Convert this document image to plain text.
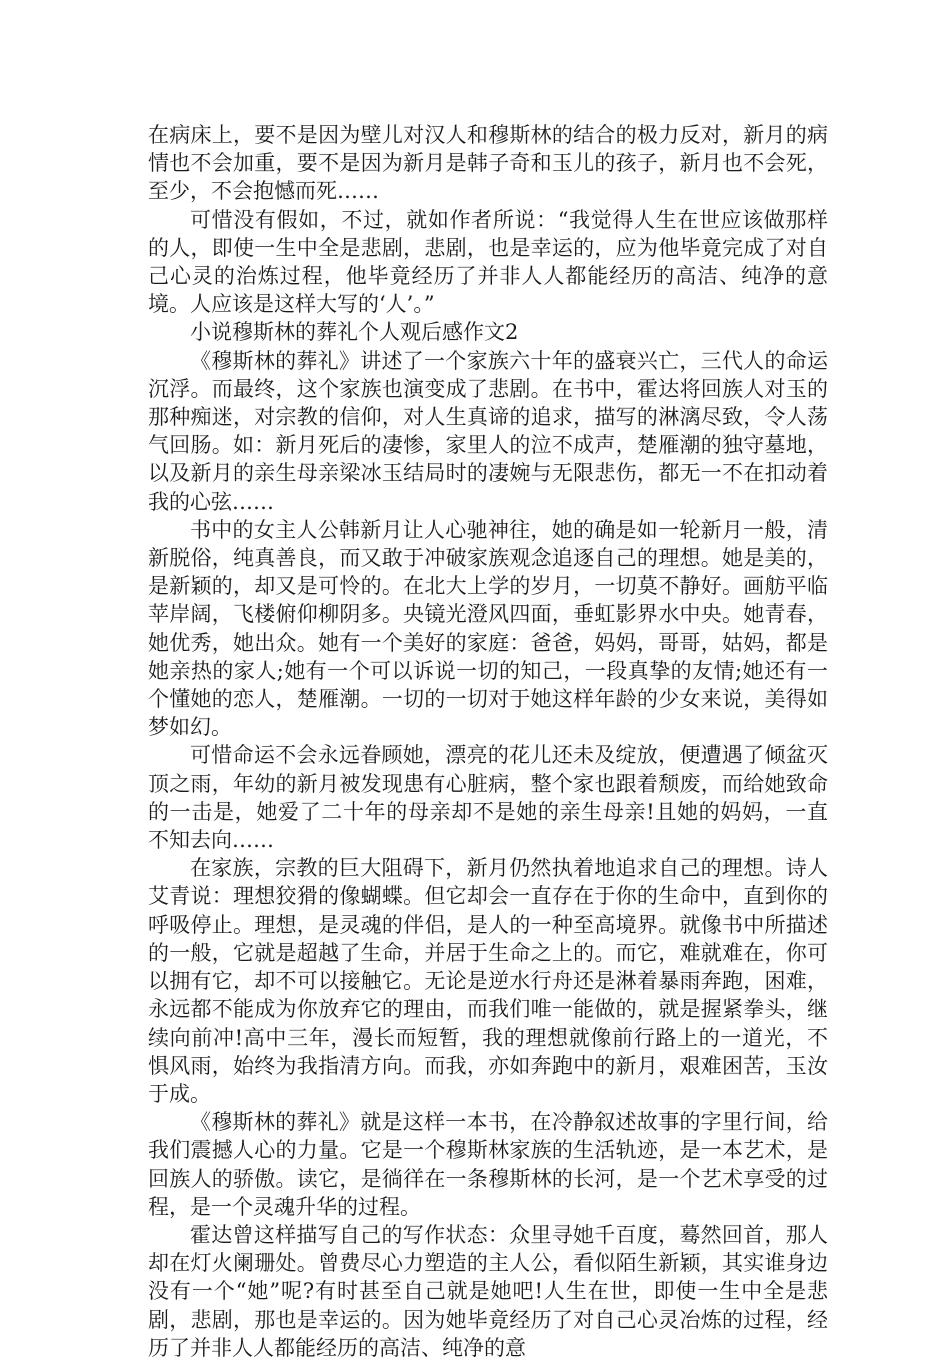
在病床上，要不是因为壁儿对汉人和穆斯林的结合的极力反对，新月的病情也不会加重，要不是因为新月是韩子奇和玉儿的孩子，新月也不会死，至少，不会抱憾而死……

可惜没有假如，不过，就如作者所说：“我觉得人生在世应该做那样的人，即使一生中全是悲剧，悲剧，也是幸运的，应为他毕竟完成了对自己心灵的治炼过程，他毕竟经历了并非人人都能经历的高洁、纯净的意境。人应该是这样大写的‘人’。”

小说穆斯林的葬礼个人观后感作文2

《穆斯林的葬礼》讲述了一个家族六十年的盛衰兴亡，三代人的命运沉浮。而最终，这个家族也演变成了悲剧。在书中，霍达将回族人对玉的那种痴迷，对宗教的信仰，对人生真谛的追求，描写的淋漓尽致，令人荡气回肠。如：新月死后的凄惨，家里人的泣不成声，楚雁潮的独守墓地，以及新月的亲生母亲梁冰玉结局时的凄婉与无限悲伤，都无一不在扣动着我的心弦……

书中的女主人公韩新月让人心驰神往，她的确是如一轮新月一般，清新脱俗，纯真善良，而又敢于冲破家族观念追逐自己的理想。她是美的，是新颖的，却又是可怜的。在北大上学的岁月，一切莫不静好。画舫平临苹岸阔，飞楼俯仰柳阴多。央镜光澄风四面，垂虹影界水中央。她青春，她优秀，她出众。她有一个美好的家庭：爸爸，妈妈，哥哥，姑妈，都是她亲热的家人;她有一个可以诉说一切的知己，一段真挚的友情;她还有一个懂她的恋人，楚雁潮。一切的一切对于她这样年龄的少女来说，美得如梦如幻。

可惜命运不会永远眷顾她，漂亮的花儿还未及绽放，便遭遇了倾盆灭顶之雨，年幼的新月被发现患有心脏病，整个家也跟着颓废，而给她致命的一击是，她爱了二十年的母亲却不是她的亲生母亲!且她的妈妈，一直不知去向……

在家族，宗教的巨大阻碍下，新月仍然执着地追求自己的理想。诗人艾青说：理想狡猾的像蝴蝶。但它却会一直存在于你的生命中，直到你的呼吸停止。理想，是灵魂的伴侣，是人的一种至高境界。就像书中所描述的一般，它就是超越了生命，并居于生命之上的。而它，难就难在，你可以拥有它，却不可以接触它。无论是逆水行舟还是淋着暴雨奔跑，困难，永远都不能成为你放弃它的理由，而我们唯一能做的，就是握紧拳头，继续向前冲!高中三年，漫长而短暂，我的理想就像前行路上的一道光，不惧风雨，始终为我指清方向。而我，亦如奔跑中的新月，艰难困苦，玉汝于成。

《穆斯林的葬礼》就是这样一本书，在冷静叙述故事的字里行间，给我们震撼人心的力量。它是一个穆斯林家族的生活轨迹，是一本艺术，是回族人的骄傲。读它，是徜徉在一条穆斯林的长河，是一个艺术享受的过程，是一个灵魂升华的过程。

霍达曾这样描写自己的写作状态：众里寻她千百度，蓦然回首，那人却在灯火阑珊处。曾费尽心力塑造的主人公，看似陌生新颖，其实谁身边没有一个“她”呢?有时甚至自己就是她吧!人生在世，即使一生中全是悲剧，悲剧，那也是幸运的。因为她毕竟经历了对自己心灵冶炼的过程，经历了并非人人都能经历的高洁、纯净的意
